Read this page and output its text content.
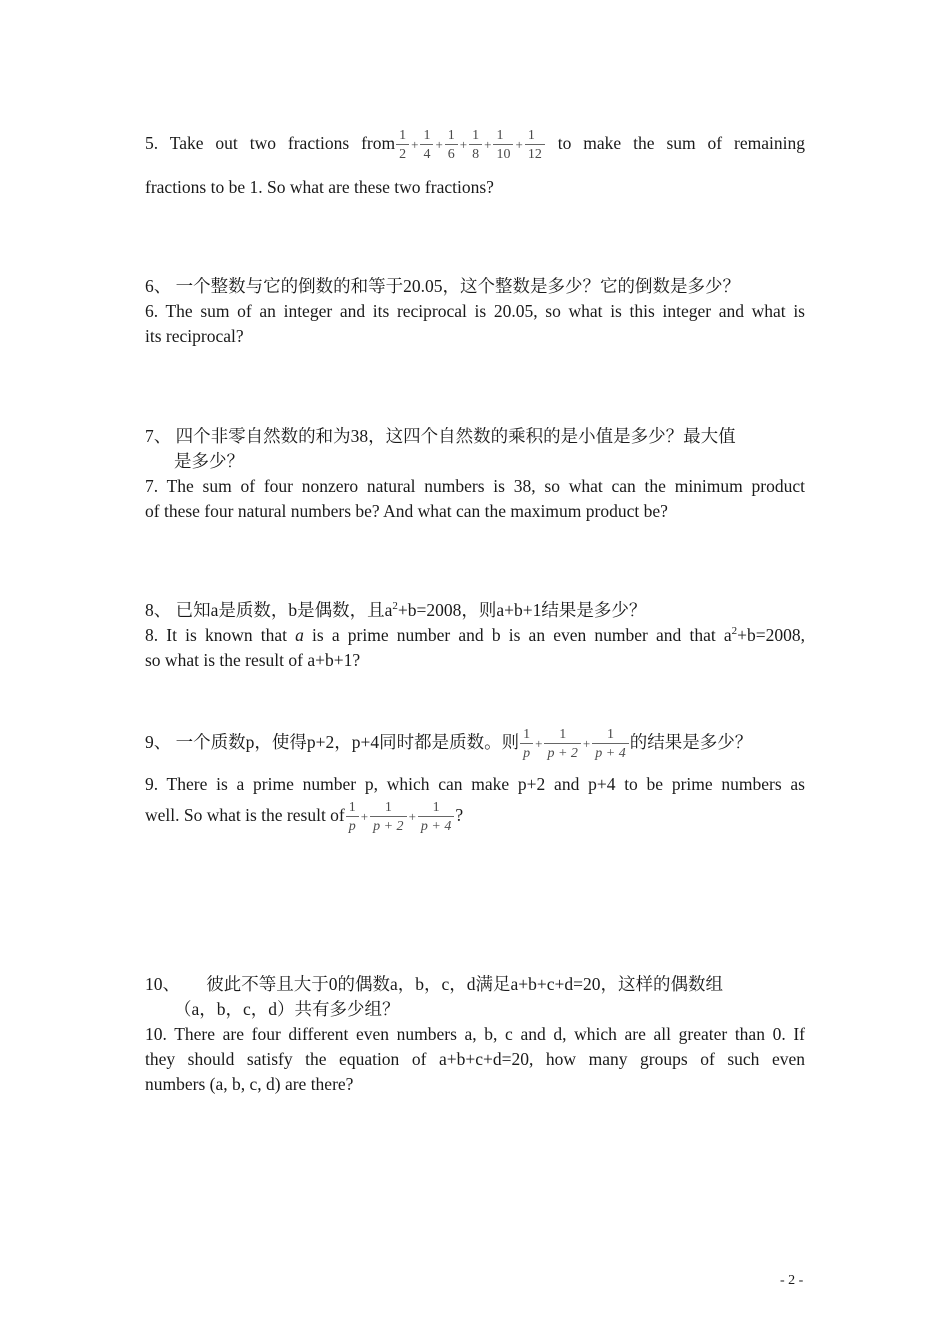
5. Take out two fractions from $\frac{1}{2} + \frac{1}{4} + \frac{1}{6} + \frac{1}{8} + \frac{1}{10} + \frac{1}{12}$ to make the sum of remaining
fractions to be 1. So what are these two fractions?
6、 一个整数与它的倒数的和等于20.05，这个整数是多少？它的倒数是多少？
6. The sum of an integer and its reciprocal is 20.05, so what is this integer and what is
its reciprocal?
7、 四个非零自然数的和为38，这四个自然数的乘积的是小值是多少？最大值
是多少？
7. The sum of four nonzero natural numbers is 38, so what can the minimum product
of these four natural numbers be? And what can the maximum product be?
8、 已知a是质数，b是偶数，且$a^2+b=2008$，则a+b+1结果是多少？
8. It is known that a is a prime number and b is an even number and that $a^2+b=2008$,
so what is the result of a+b+1?
9、 一个质数p，使得p+2，p+4同时都是质数。则 $\frac{1}{p} + \frac{1}{p + 2} + \frac{1}{p + 4}$ 的结果是多少？
9. There is a prime number p, which can make p+2 and p+4 to be prime numbers as
well. So what is the result of $\frac{1}{p} + \frac{1}{p + 2} + \frac{1}{p + 4}$ ?
10、　　彼此不等且大于0的偶数a，b，c，d满足a+b+c+d=20，这样的偶数组
（a，b，c，d）共有多少组？
10. There are four different even numbers a, b, c and d, which are all greater than 0. If
they should satisfy the equation of a+b+c+d=20, how many groups of such even
numbers (a, b, c, d) are there?
- 2 -
